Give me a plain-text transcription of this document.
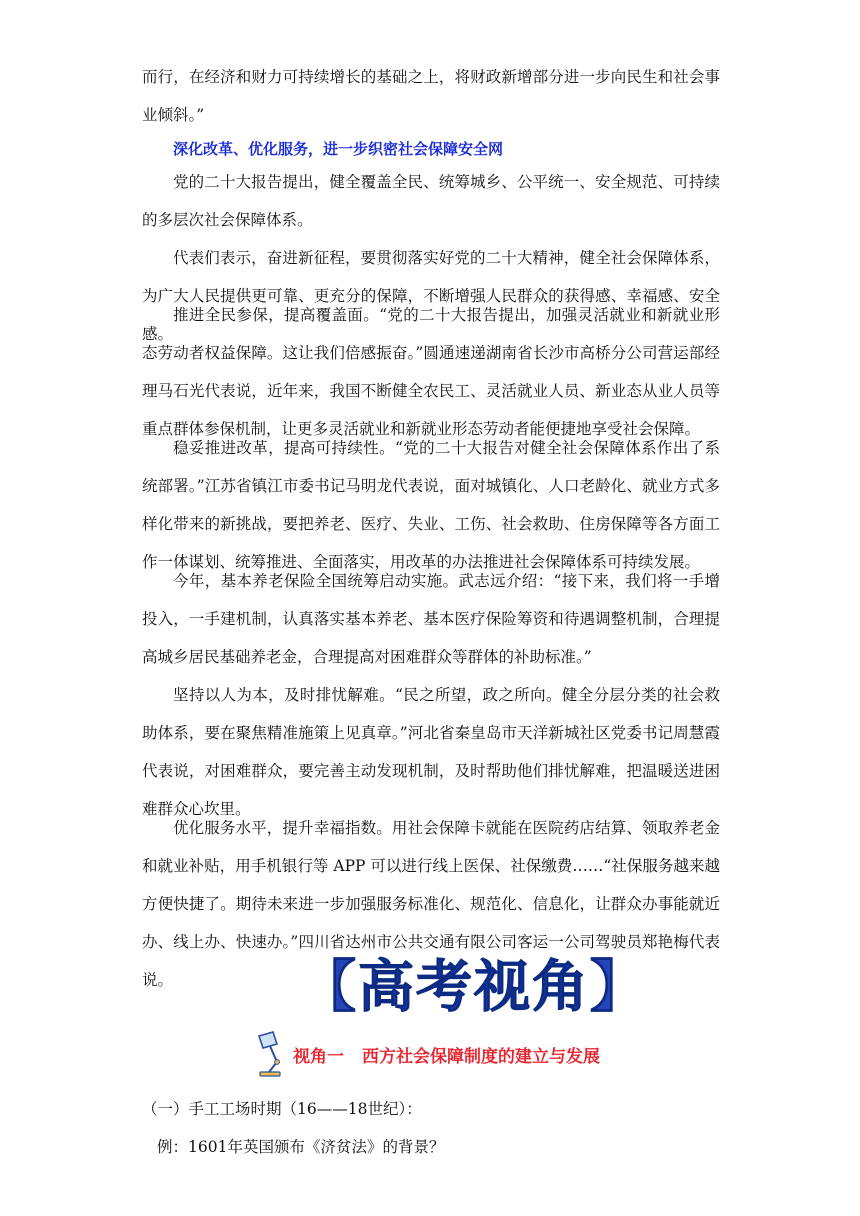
而行，在经济和财力可持续增长的基础之上，将财政新增部分进一步向民生和社会事业倾斜。”

深化改革、优化服务，进一步织密社会保障安全网

党的二十大报告提出，健全覆盖全民、统筹城乡、公平统一、安全规范、可持续的多层次社会保障体系。

代表们表示，奋进新征程，要贯彻落实好党的二十大精神，健全社会保障体系，为广大人民提供更可靠、更充分的保障，不断增强人民群众的获得感、幸福感、安全感。

推进全民参保，提高覆盖面。“党的二十大报告提出，加强灵活就业和新就业形态劳动者权益保障。这让我们倍感振奋。”圆通速递湖南省长沙市高桥分公司营运部经理马石光代表说，近年来，我国不断健全农民工、灵活就业人员、新业态从业人员等重点群体参保机制，让更多灵活就业和新就业形态劳动者能便捷地享受社会保障。

稳妥推进改革，提高可持续性。“党的二十大报告对健全社会保障体系作出了系统部署。”江苏省镇江市委书记马明龙代表说，面对城镇化、人口老龄化、就业方式多样化带来的新挑战，要把养老、医疗、失业、工伤、社会救助、住房保障等各方面工作一体谋划、统筹推进、全面落实，用改革的办法推进社会保障体系可持续发展。

今年，基本养老保险全国统筹启动实施。武志远介绍：“接下来，我们将一手增投入，一手建机制，认真落实基本养老、基本医疗保险筹资和待遇调整机制，合理提高城乡居民基础养老金，合理提高对困难群众等群体的补助标准。”

坚持以人为本，及时排忧解难。“民之所望，政之所向。健全分层分类的社会救助体系，要在聚焦精准施策上见真章。”河北省秦皇岛市天洋新城社区党委书记周慧霞代表说，对困难群众，要完善主动发现机制，及时帮助他们排忧解难，把温暖送进困难群众心坎里。

优化服务水平，提升幸福指数。用社会保障卡就能在医院药店结算、领取养老金和就业补贴，用手机银行等 APP 可以进行线上医保、社保缴费……“社保服务越来越方便快捷了。期待未来进一步加强服务标准化、规范化、信息化，让群众办事能就近办、线上办、快速办。”四川省达州市公共交通有限公司客运一公司驾驶员郑艳梅代表说。	【 高考视角 】
视角一 西方社会保障制度的建立与发展

（一）手工工场时期（16——18世纪）：

例：1601年英国颁布《济贫法》的背景？
